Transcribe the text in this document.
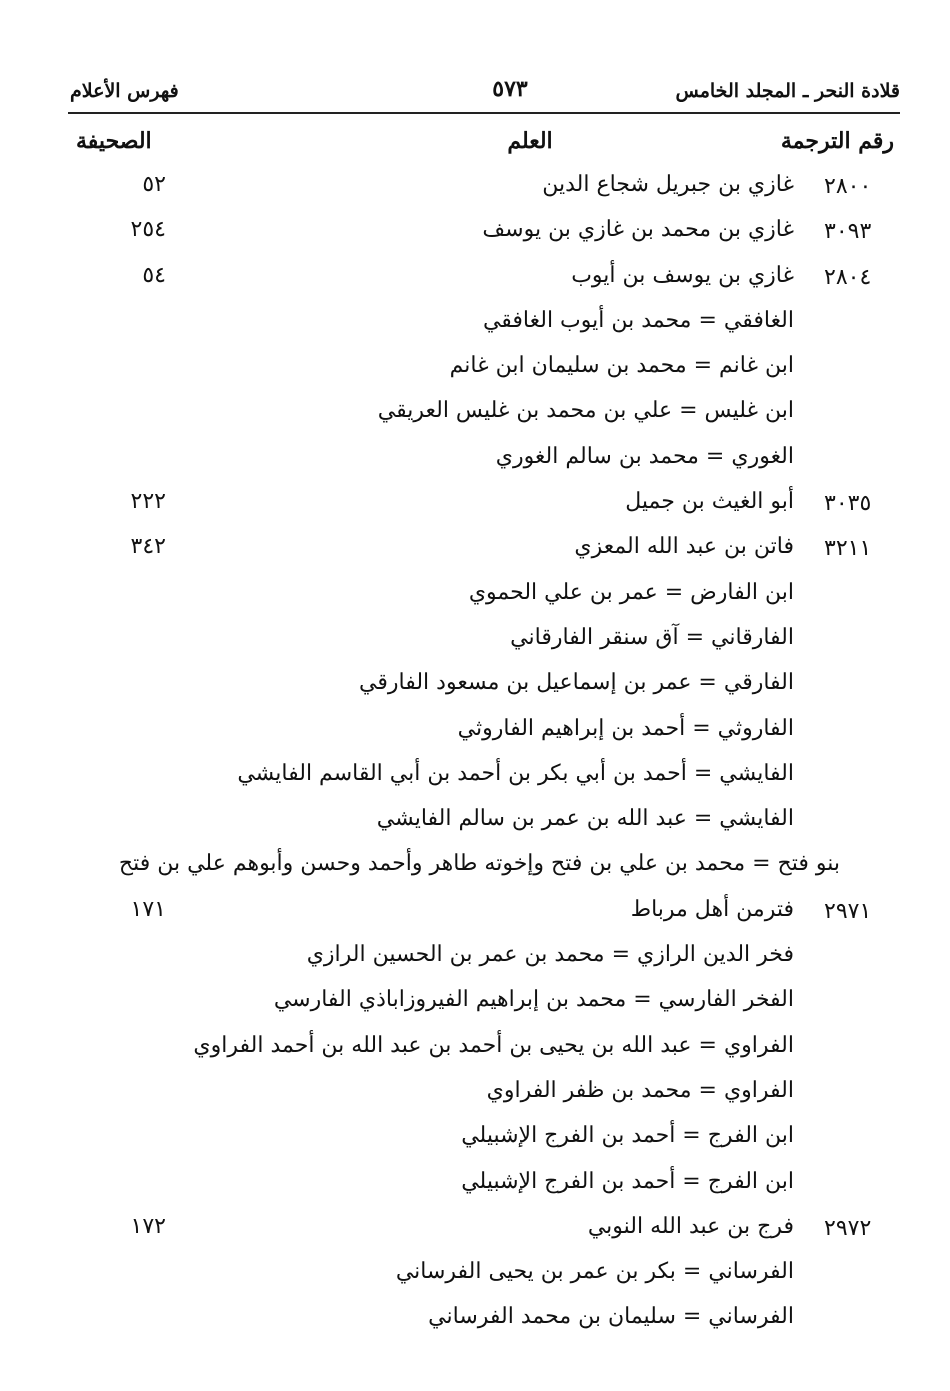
قلادة النحر ـ المجلد الخامس
٥٧٣
فهرس الأعلام
رقم الترجمة
العلم
الصحيفة
٢٨٠٠
غازي بن جبريل شجاع الدين
٥٢
٣٠٩٣
غازي بن محمد بن غازي بن يوسف
٢٥٤
٢٨٠٤
غازي بن يوسف بن أيوب
٥٤
الغافقي = محمد بن أيوب الغافقي
ابن غانم = محمد بن سليمان ابن غانم
ابن غليس = علي بن محمد بن غليس العريقي
الغوري = محمد بن سالم الغوري
٣٠٣٥
أبو الغيث بن جميل
٢٢٢
٣٢١١
فاتن بن عبد الله المعزي
٣٤٢
ابن الفارض = عمر بن علي الحموي
الفارقاني = آق سنقر الفارقاني
الفارقي = عمر بن إسماعيل بن مسعود الفارقي
الفاروثي = أحمد بن إبراهيم الفاروثي
الفايشي = أحمد بن أبي بكر بن أحمد بن أبي القاسم الفايشي
الفايشي = عبد الله بن عمر بن سالم الفايشي
بنو فتح = محمد بن علي بن فتح وإخوته طاهر وأحمد وحسن وأبوهم علي بن فتح
٢٩٧١
فترمن أهل مرباط
١٧١
فخر الدين الرازي = محمد بن عمر بن الحسين الرازي
الفخر الفارسي = محمد بن إبراهيم الفيروزاباذي الفارسي
الفراوي = عبد الله بن يحيى بن أحمد بن عبد الله بن أحمد الفراوي
الفراوي = محمد بن ظفر الفراوي
ابن الفرج = أحمد بن الفرج الإشبيلي
ابن الفرج = أحمد بن الفرج الإشبيلي
٢٩٧٢
فرج بن عبد الله النوبي
١٧٢
الفرساني = بكر بن عمر بن يحيى الفرساني
الفرساني = سليمان بن محمد الفرساني
